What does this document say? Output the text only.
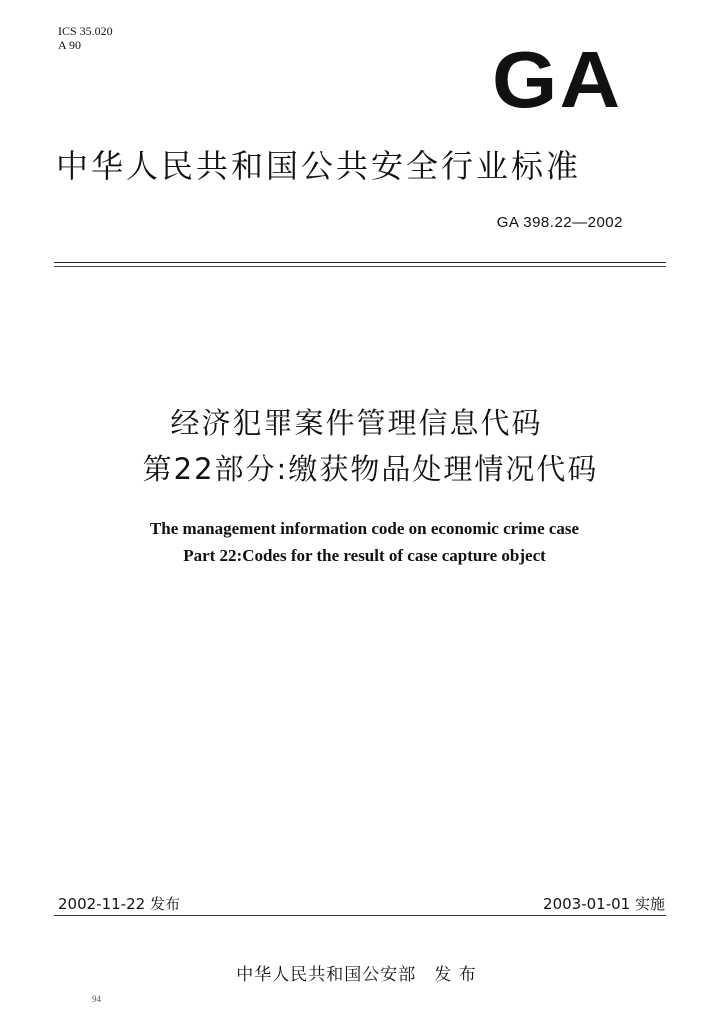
ICS 35.020
A 90	GA
中华人民共和国公共安全行业标准
GA 398.22—2002
经济犯罪案件管理信息代码
第22部分:缴获物品处理情况代码
The management information code on economic crime case
Part 22:Codes for the result of case capture object
2002-11-22 发布	2003-01-01 实施
中华人民共和国公安部　发 布
94
